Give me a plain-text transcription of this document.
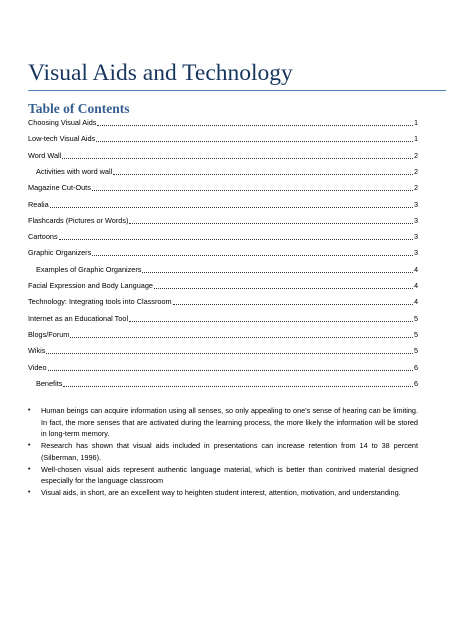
Visual Aids and Technology
Table of Contents
Choosing Visual Aids	1
Low-tech Visual Aids	1
Word Wall	2
Activities with word wall	2
Magazine Cut-Outs	2
Realia	3
Flashcards (Pictures or Words)	3
Cartoons	3
Graphic Organizers	3
Examples of Graphic Organizers	4
Facial Expression and Body Language	4
Technology: Integrating tools into Classroom	4
Internet as an Educational Tool	5
Blogs/Forum	5
Wikis	5
Video	6
Benefits	6
• Human beings can acquire information using all senses, so only appealing to one's sense of hearing can be limiting. In fact, the more senses that are activated during the learning process, the more likely the information will be stored in long-term memory.
• Research has shown that visual aids included in presentations can increase retention from 14 to 38 percent (Silberman, 1996).
• Well-chosen visual aids represent authentic language material, which is better than contrived material designed especially for the language classroom
• Visual aids, in short, are an excellent way to heighten student interest, attention, motivation, and understanding.
